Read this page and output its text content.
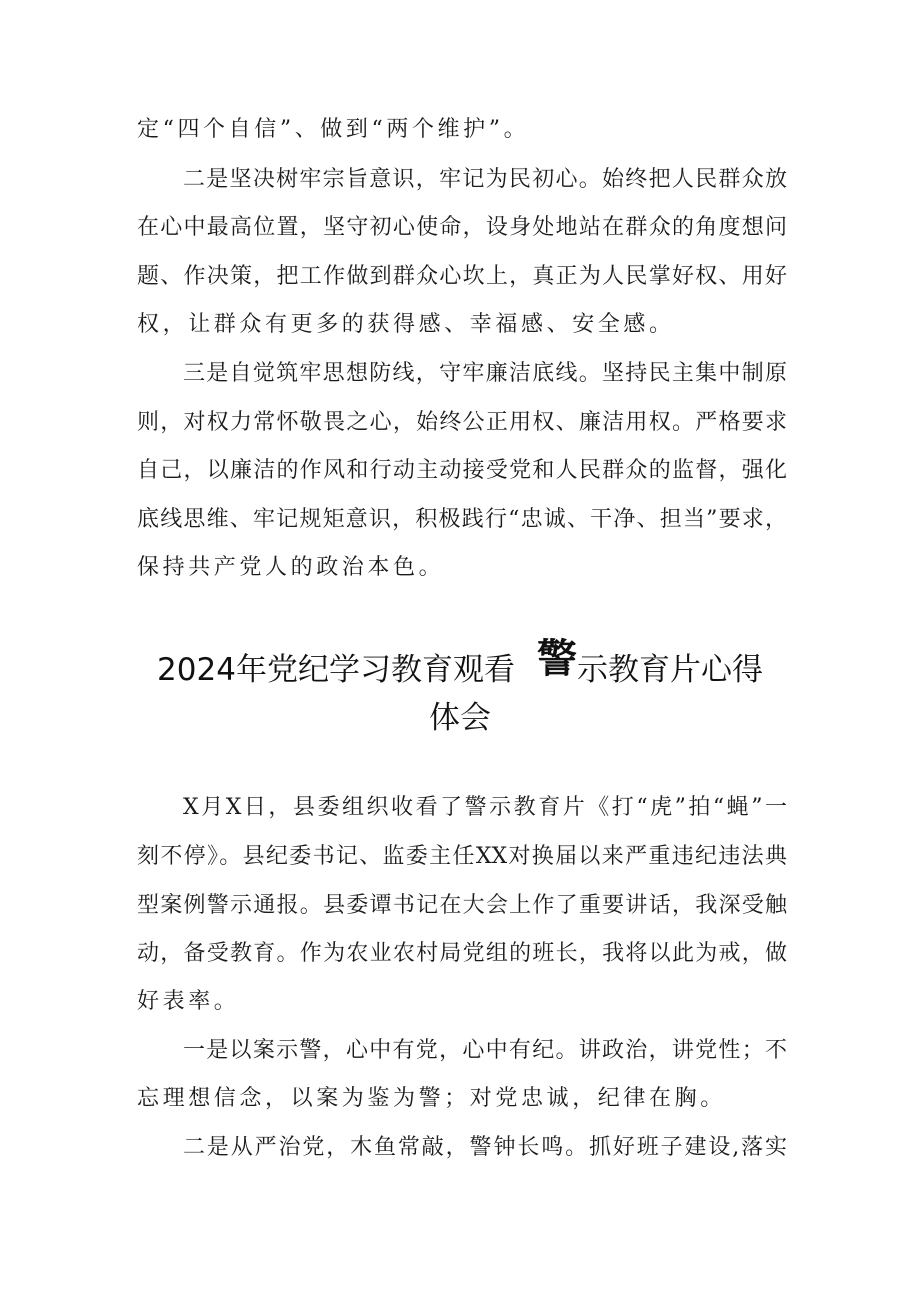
定“四个自信”、做到“两个维护”。
二是坚决树牢宗旨意识，牢记为民初心。始终把人民群众放
在心中最高位置，坚守初心使命，设身处地站在群众的角度想问
题、作决策，把工作做到群众心坎上，真正为人民掌好权、用好
权，让群众有更多的获得感、幸福感、安全感。
三是自觉筑牢思想防线，守牢廉洁底线。坚持民主集中制原
则，对权力常怀敬畏之心，始终公正用权、廉洁用权。严格要求
自己，以廉洁的作风和行动主动接受党和人民群众的监督，强化
底线思维、牢记规矩意识，积极践行“忠诚、干净、担当”要求，
保持共产党人的政治本色。
2024年党纪学习教育观看 警示教育片心得
体会
X月X日，县委组织收看了警示教育片《打“虎”拍“蝇”一
刻不停》。县纪委书记、监委主任XX对换届以来严重违纪违法典
型案例警示通报。县委谭书记在大会上作了重要讲话，我深受触
动，备受教育。作为农业农村局党组的班长，我将以此为戒，做
好表率。
一是以案示警，心中有党，心中有纪。讲政治，讲党性；不
忘理想信念，以案为鉴为警；对党忠诚，纪律在胸。
二是从严治党，木鱼常敲，警钟长鸣。抓好班子建设,落实
